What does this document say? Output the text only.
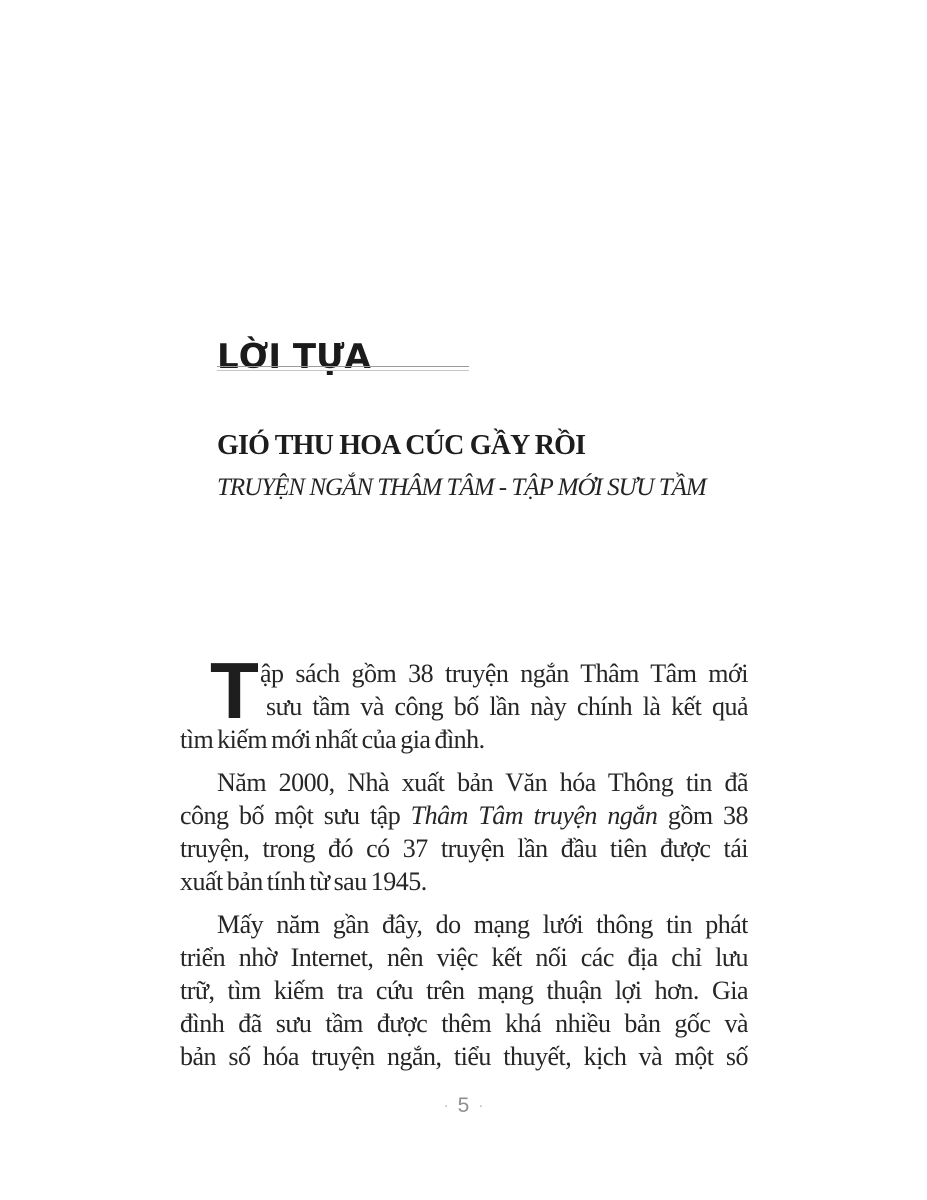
LỜI TỰA
GIÓ THU HOA CÚC GẦY RỒI
TRUYỆN NGẮN THÂM TÂM - TẬP MỚI SƯU TẦM

T ập sách gồm 38 truyện ngắn Thâm Tâm mới
sưu tầm và công bố lần này chính là kết quả
tìm kiếm mới nhất của gia đình.

Năm 2000, Nhà xuất bản Văn hóa Thông tin đã
công bố một sưu tập Thâm Tâm truyện ngắn gồm 38
truyện, trong đó có 37 truyện lần đầu tiên được tái
xuất bản tính từ sau 1945.

Mấy năm gần đây, do mạng lưới thông tin phát
triển nhờ Internet, nên việc kết nối các địa chỉ lưu
trữ, tìm kiếm tra cứu trên mạng thuận lợi hơn. Gia
đình đã sưu tầm được thêm khá nhiều bản gốc và
bản số hóa truyện ngắn, tiểu thuyết, kịch và một số

· 5 ·
